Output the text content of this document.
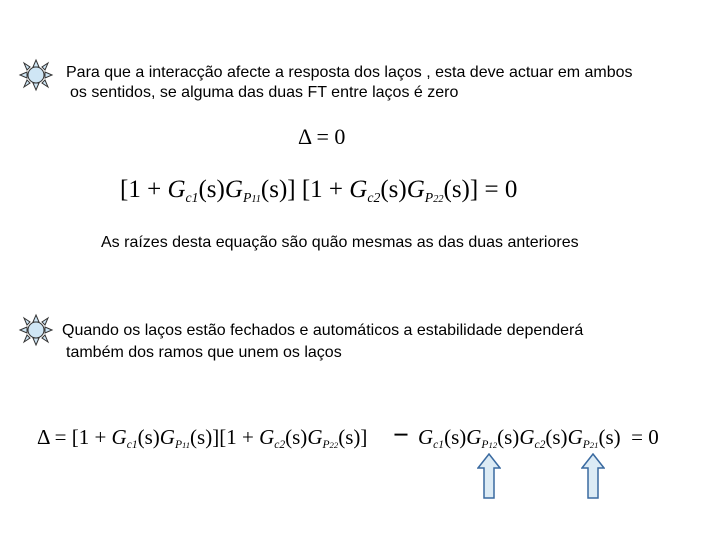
Para que a interacção afecte a resposta dos laços , esta deve actuar em ambos
os sentidos, se alguma das duas FT entre laços é zero
Δ = 0
$[1 + G_{c1}(s)G_{P11}(s)]$ $[1 + G_{c2}(s)G_{P22}(s)] = 0$
As raízes desta equação são quão mesmas as das duas anteriores
Quando os laços estão fechados e automáticos a estabilidade dependerá
também dos ramos que unem os laços
$\Delta = [1 + G_{c1}(s)G_{P11}(s)][1 + G_{c2}(s)G_{P22}(s)] - G_{c1}(s)G_{P12}(s)G_{c2}(s)G_{P21}(s) = 0$
